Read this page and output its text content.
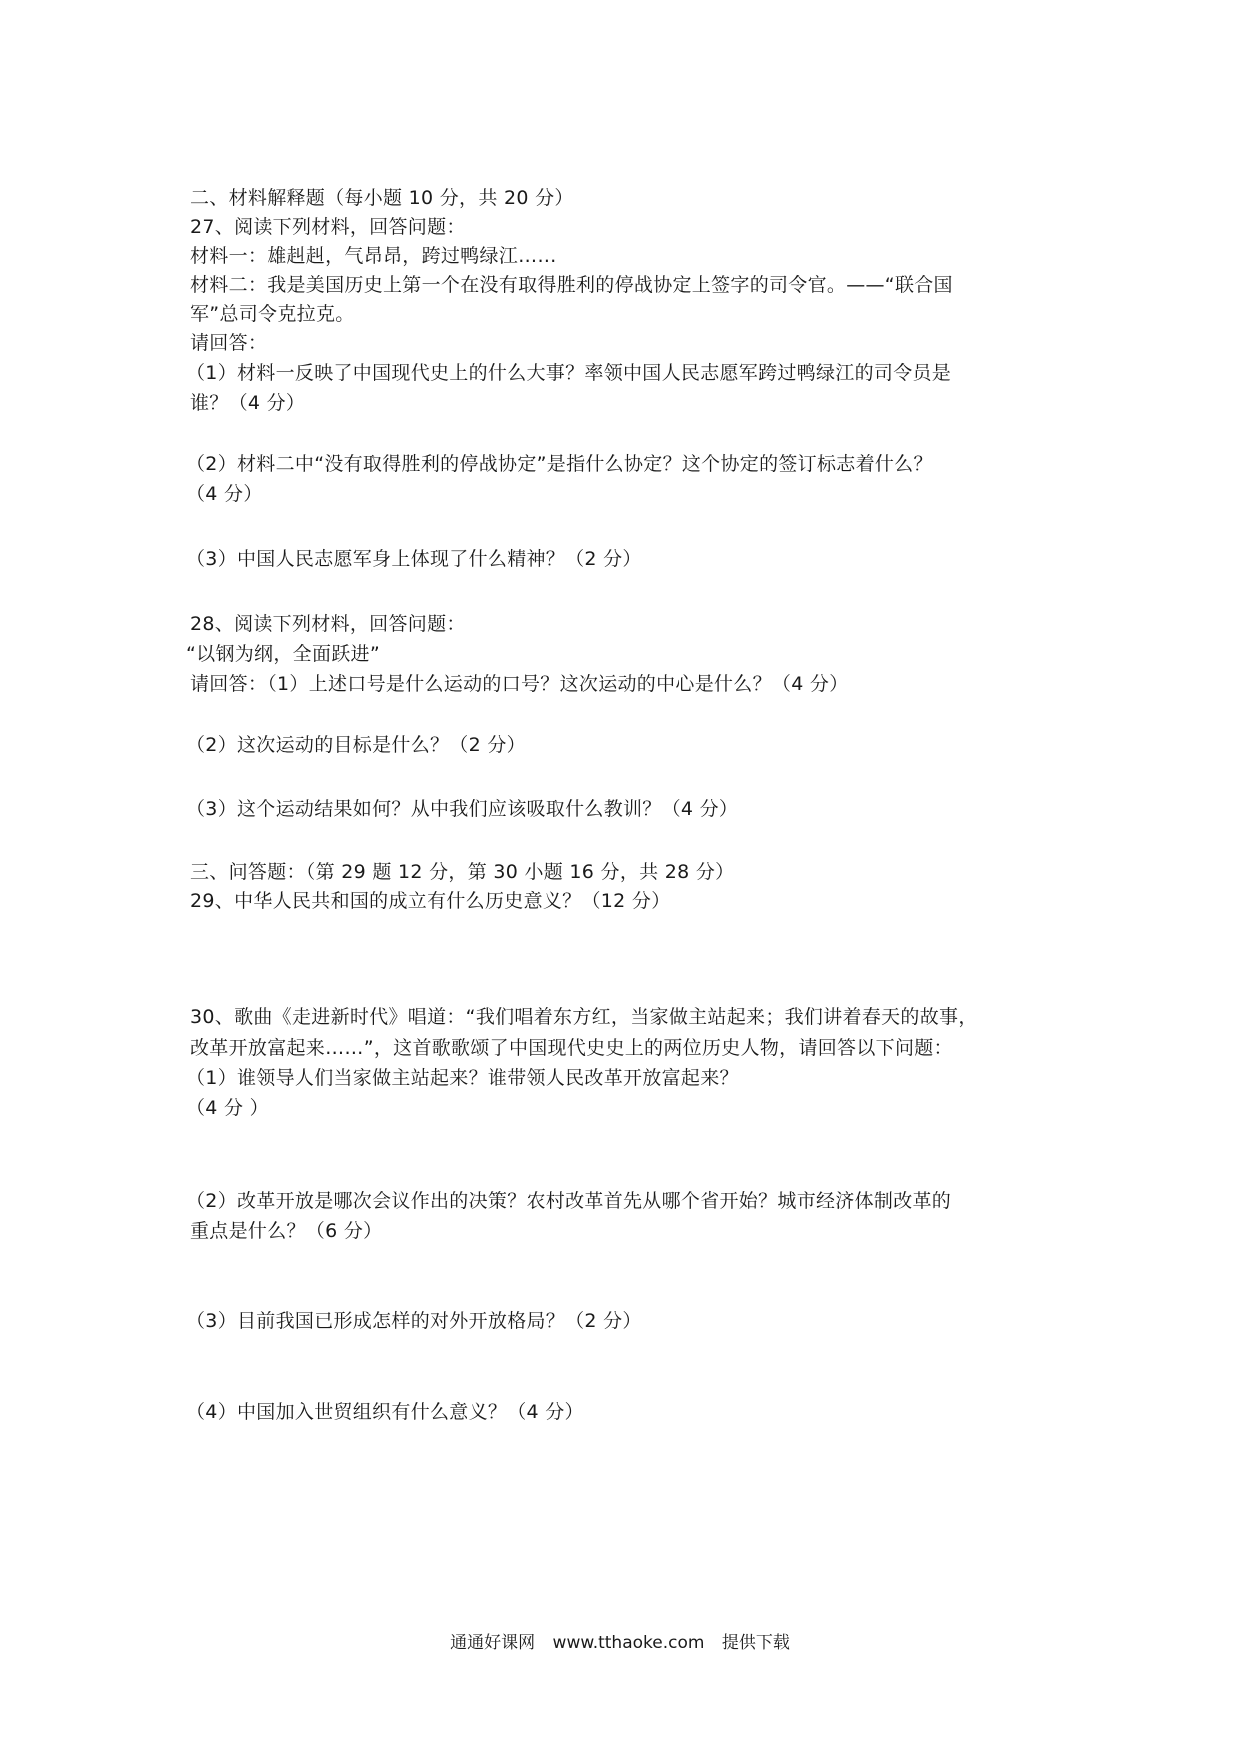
二、材料解释题（每小题 10 分，共 20 分）

27、阅读下列材料，回答问题：

材料一：雄赳赳，气昂昂，跨过鸭绿江……

材料二：我是美国历史上第一个在没有取得胜利的停战协定上签字的司令官。——“联合国

军”总司令克拉克。

请回答：

（1）材料一反映了中国现代史上的什么大事？率领中国人民志愿军跨过鸭绿江的司令员是

谁？（4 分）

（2）材料二中“没有取得胜利的停战协定”是指什么协定？这个协定的签订标志着什么？

（4 分）

（3）中国人民志愿军身上体现了什么精神？（2 分）

28、阅读下列材料，回答问题：

“以钢为纲，全面跃进”

请回答：（1）上述口号是什么运动的口号？这次运动的中心是什么？（4 分）

（2）这次运动的目标是什么？（2 分）

（3）这个运动结果如何？从中我们应该吸取什么教训？（4 分）

三、问答题：（第 29 题 12 分，第 30 小题 16 分，共 28 分）

29、中华人民共和国的成立有什么历史意义？（12 分）

30、歌曲《走进新时代》唱道：“我们唱着东方红，当家做主站起来；我们讲着春天的故事，

改革开放富起来……”，这首歌歌颂了中国现代史史上的两位历史人物，请回答以下问题：

（1）谁领导人们当家做主站起来？谁带领人民改革开放富起来？

（4 分 ）

（2）改革开放是哪次会议作出的决策？农村改革首先从哪个省开始？城市经济体制改革的

重点是什么？（6 分）

（3）目前我国已形成怎样的对外开放格局？（2 分）

（4）中国加入世贸组织有什么意义？（4 分）

通通好课网 www.tthaoke.com 提供下载
